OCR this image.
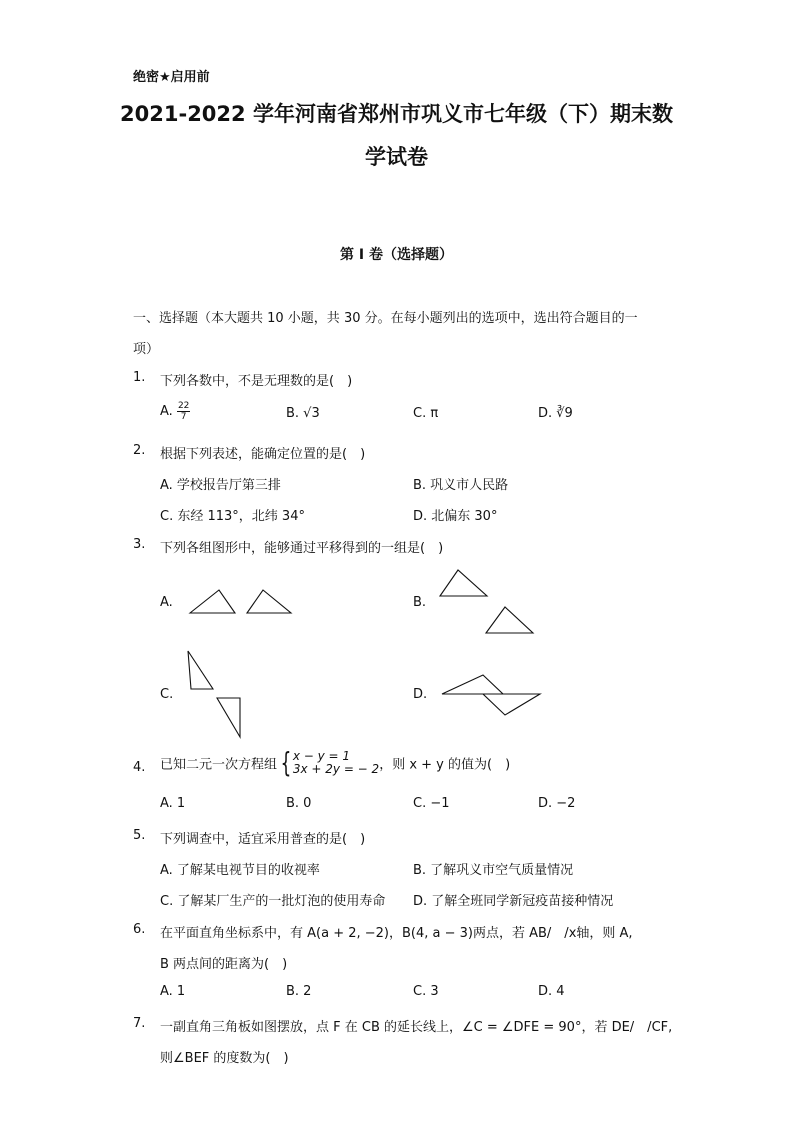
绝密★启用前
2021-2022 学年河南省郑州市巩义市七年级（下）期末数
学试卷
第 I 卷（选择题）
一、选择题（本大题共 10 小题，共 30 分。在每小题列出的选项中，选出符合题目的一
项）
1. 下列各数中，不是无理数的是(　)
A. $\frac{22}{7}$	B. √3	C. π	D. ∛9
2. 根据下列表述，能确定位置的是(　)
A. 学校报告厅第三排	B. 巩义市人民路
C. 东经 113°，北纬 34°	D. 北偏东 30°
3. 下列各组图形中，能够通过平移得到的一组是(　)
A.	B.
C.	D.
4. 已知二元一次方程组 { x − y = 1
3x + 2y = − 2 ，则 x + y 的值为(　)
A. 1	B. 0	C. −1	D. −2
5. 下列调查中，适宜采用普查的是(　)
A. 了解某电视节目的收视率	B. 了解巩义市空气质量情况
C. 了解某厂生产的一批灯泡的使用寿命 D. 了解全班同学新冠疫苗接种情况
6. 在平面直角坐标系中，有 A(a + 2, −2)，B(4, a − 3)两点，若 AB/　/x轴，则 A,
B 两点间的距离为(　)
A. 1	B. 2	C. 3	D. 4
7. 一副直角三角板如图摆放，点 F 在 CB 的延长线上，∠C = ∠DFE = 90°，若 DE/　/CF,
则∠BEF 的度数为(　)
